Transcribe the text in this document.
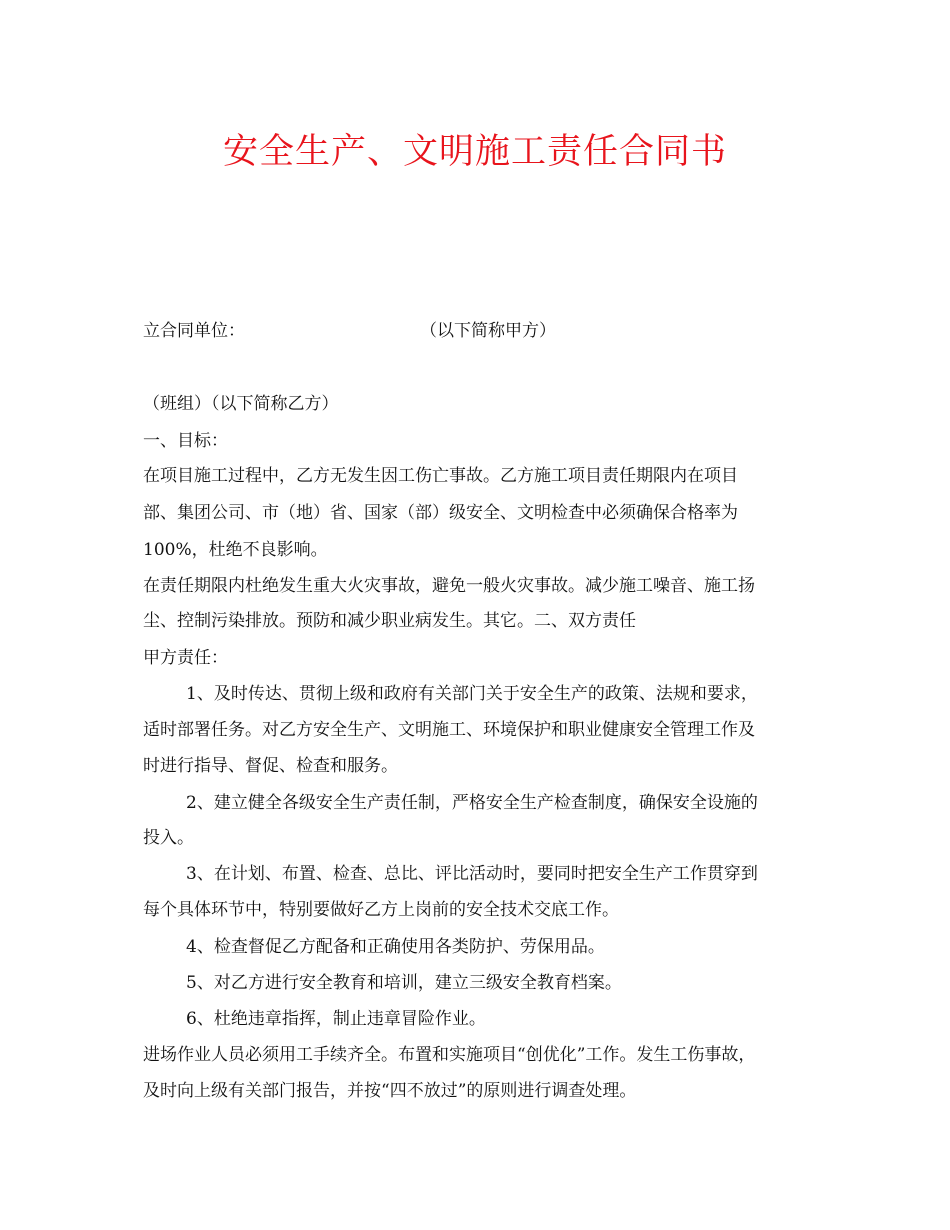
安全生产、文明施工责任合同书

立合同单位：	（以下简称甲方）

（班组）（以下简称乙方）

一、目标：

在项目施工过程中，乙方无发生因工伤亡事故。乙方施工项目责任期限内在项目

部、集团公司、市（地）省、国家（部）级安全、文明检查中必须确保合格率为

100%，杜绝不良影响。

在责任期限内杜绝发生重大火灾事故，避免一般火灾事故。减少施工噪音、施工扬

尘、控制污染排放。预防和减少职业病发生。其它。二、双方责任

甲方责任：

1、及时传达、贯彻上级和政府有关部门关于安全生产的政策、法规和要求，

适时部署任务。对乙方安全生产、文明施工、环境保护和职业健康安全管理工作及

时进行指导、督促、检查和服务。

2、建立健全各级安全生产责任制，严格安全生产检查制度，确保安全设施的

投入。

3、在计划、布置、检查、总比、评比活动时，要同时把安全生产工作贯穿到

每个具体环节中，特别要做好乙方上岗前的安全技术交底工作。

4、检查督促乙方配备和正确使用各类防护、劳保用品。

5、对乙方进行安全教育和培训，建立三级安全教育档案。

6、杜绝违章指挥，制止违章冒险作业。

进场作业人员必须用工手续齐全。布置和实施项目“创优化”工作。发生工伤事故，

及时向上级有关部门报告，并按“四不放过”的原则进行调查处理。
